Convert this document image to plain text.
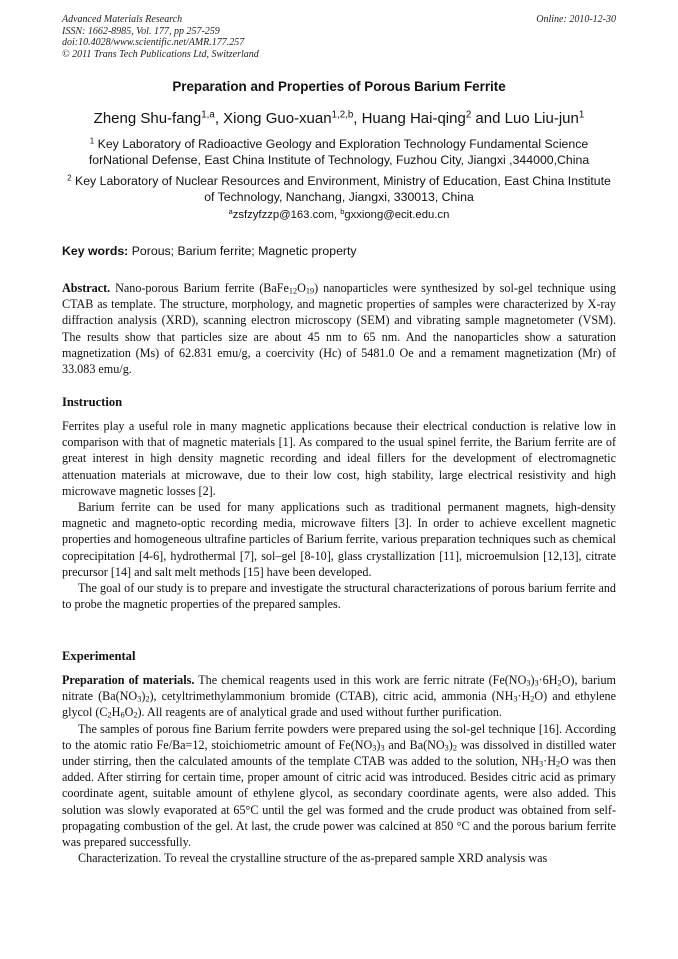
Advanced Materials Research
ISSN: 1662-8985, Vol. 177, pp 257-259
doi:10.4028/www.scientific.net/AMR.177.257
© 2011 Trans Tech Publications Ltd, Switzerland
Online: 2010-12-30
Preparation and Properties of Porous Barium Ferrite
Zheng Shu-fang$^{1,a}$, Xiong Guo-xuan$^{1,2,b}$, Huang Hai-qing$^2$ and Luo Liu-jun$^1$
$^1$ Key Laboratory of Radioactive Geology and Exploration Technology Fundamental Science
forNational Defense, East China Institute of Technology, Fuzhou City, Jiangxi ,344000,China
$^2$ Key Laboratory of Nuclear Resources and Environment, Ministry of Education, East China Institute
of Technology, Nanchang, Jiangxi, 330013, China
$^a$zsfzyfzzp@163.com, $^b$gxxiong@ecit.edu.cn
Key words: Porous; Barium ferrite; Magnetic property

Abstract. Nano-porous Barium ferrite $(BaFe_{12}O_{19})$ nanoparticles were synthesized by sol-gel technique using CTAB as template. The structure, morphology, and magnetic properties of samples were characterized by X-ray diffraction analysis (XRD), scanning electron microscopy (SEM) and vibrating sample magnetometer (VSM). The results show that particles size are about 45 nm to 65 nm. And the nanoparticles show a saturation magnetization (Ms) of 62.831 emu/g, a coercivity (Hc) of 5481.0 Oe and a remament magnetization (Mr) of 33.083 emu/g.

Instruction

Ferrites play a useful role in many magnetic applications because their electrical conduction is relative low in comparison with that of magnetic materials [1]. As compared to the usual spinel ferrite, the Barium ferrite are of great interest in high density magnetic recording and ideal fillers for the development of electromagnetic attenuation materials at microwave, due to their low cost, high stability, large electrical resistivity and high microwave magnetic losses [2].

Barium ferrite can be used for many applications such as traditional permanent magnets, high-density magnetic and magneto-optic recording media, microwave filters [3]. In order to achieve excellent magnetic properties and homogeneous ultrafine particles of Barium ferrite, various preparation techniques such as chemical coprecipitation [4-6], hydrothermal [7], sol–gel [8-10], glass crystallization [11], microemulsion [12,13], citrate precursor [14] and salt melt methods [15] have been developed.

The goal of our study is to prepare and investigate the structural characterizations of porous barium ferrite and to probe the magnetic properties of the prepared samples.

Experimental

Preparation of materials. The chemical reagents used in this work are ferric nitrate $(Fe(NO_3)_3\cdot 6H_2O)$, barium nitrate $(Ba(NO_3)_2)$, cetyltrimethylammonium bromide (CTAB), citric acid, ammonia $(NH_3\cdot H_2O)$ and ethylene glycol $(C_2H_6O_2)$. All reagents are of analytical grade and used without further purification.

The samples of porous fine Barium ferrite powders were prepared using the sol-gel technique [16]. According to the atomic ratio Fe/Ba=12, stoichiometric amount of $Fe(NO_3)_3$ and $Ba(NO_3)_2$ was dissolved in distilled water under stirring, then the calculated amounts of the template CTAB was added to the solution, $NH_3\cdot H_2O$ was then added. After stirring for certain time, proper amount of citric acid was introduced. Besides citric acid as primary coordinate agent, suitable amount of ethylene glycol, as secondary coordinate agents, were also added. This solution was slowly evaporated at 65°C until the gel was formed and the crude product was obtained from self-propagating combustion of the gel. At last, the crude power was calcined at 850 °C and the porous barium ferrite was prepared successfully.

Characterization. To reveal the crystalline structure of the as-prepared sample XRD analysis was
